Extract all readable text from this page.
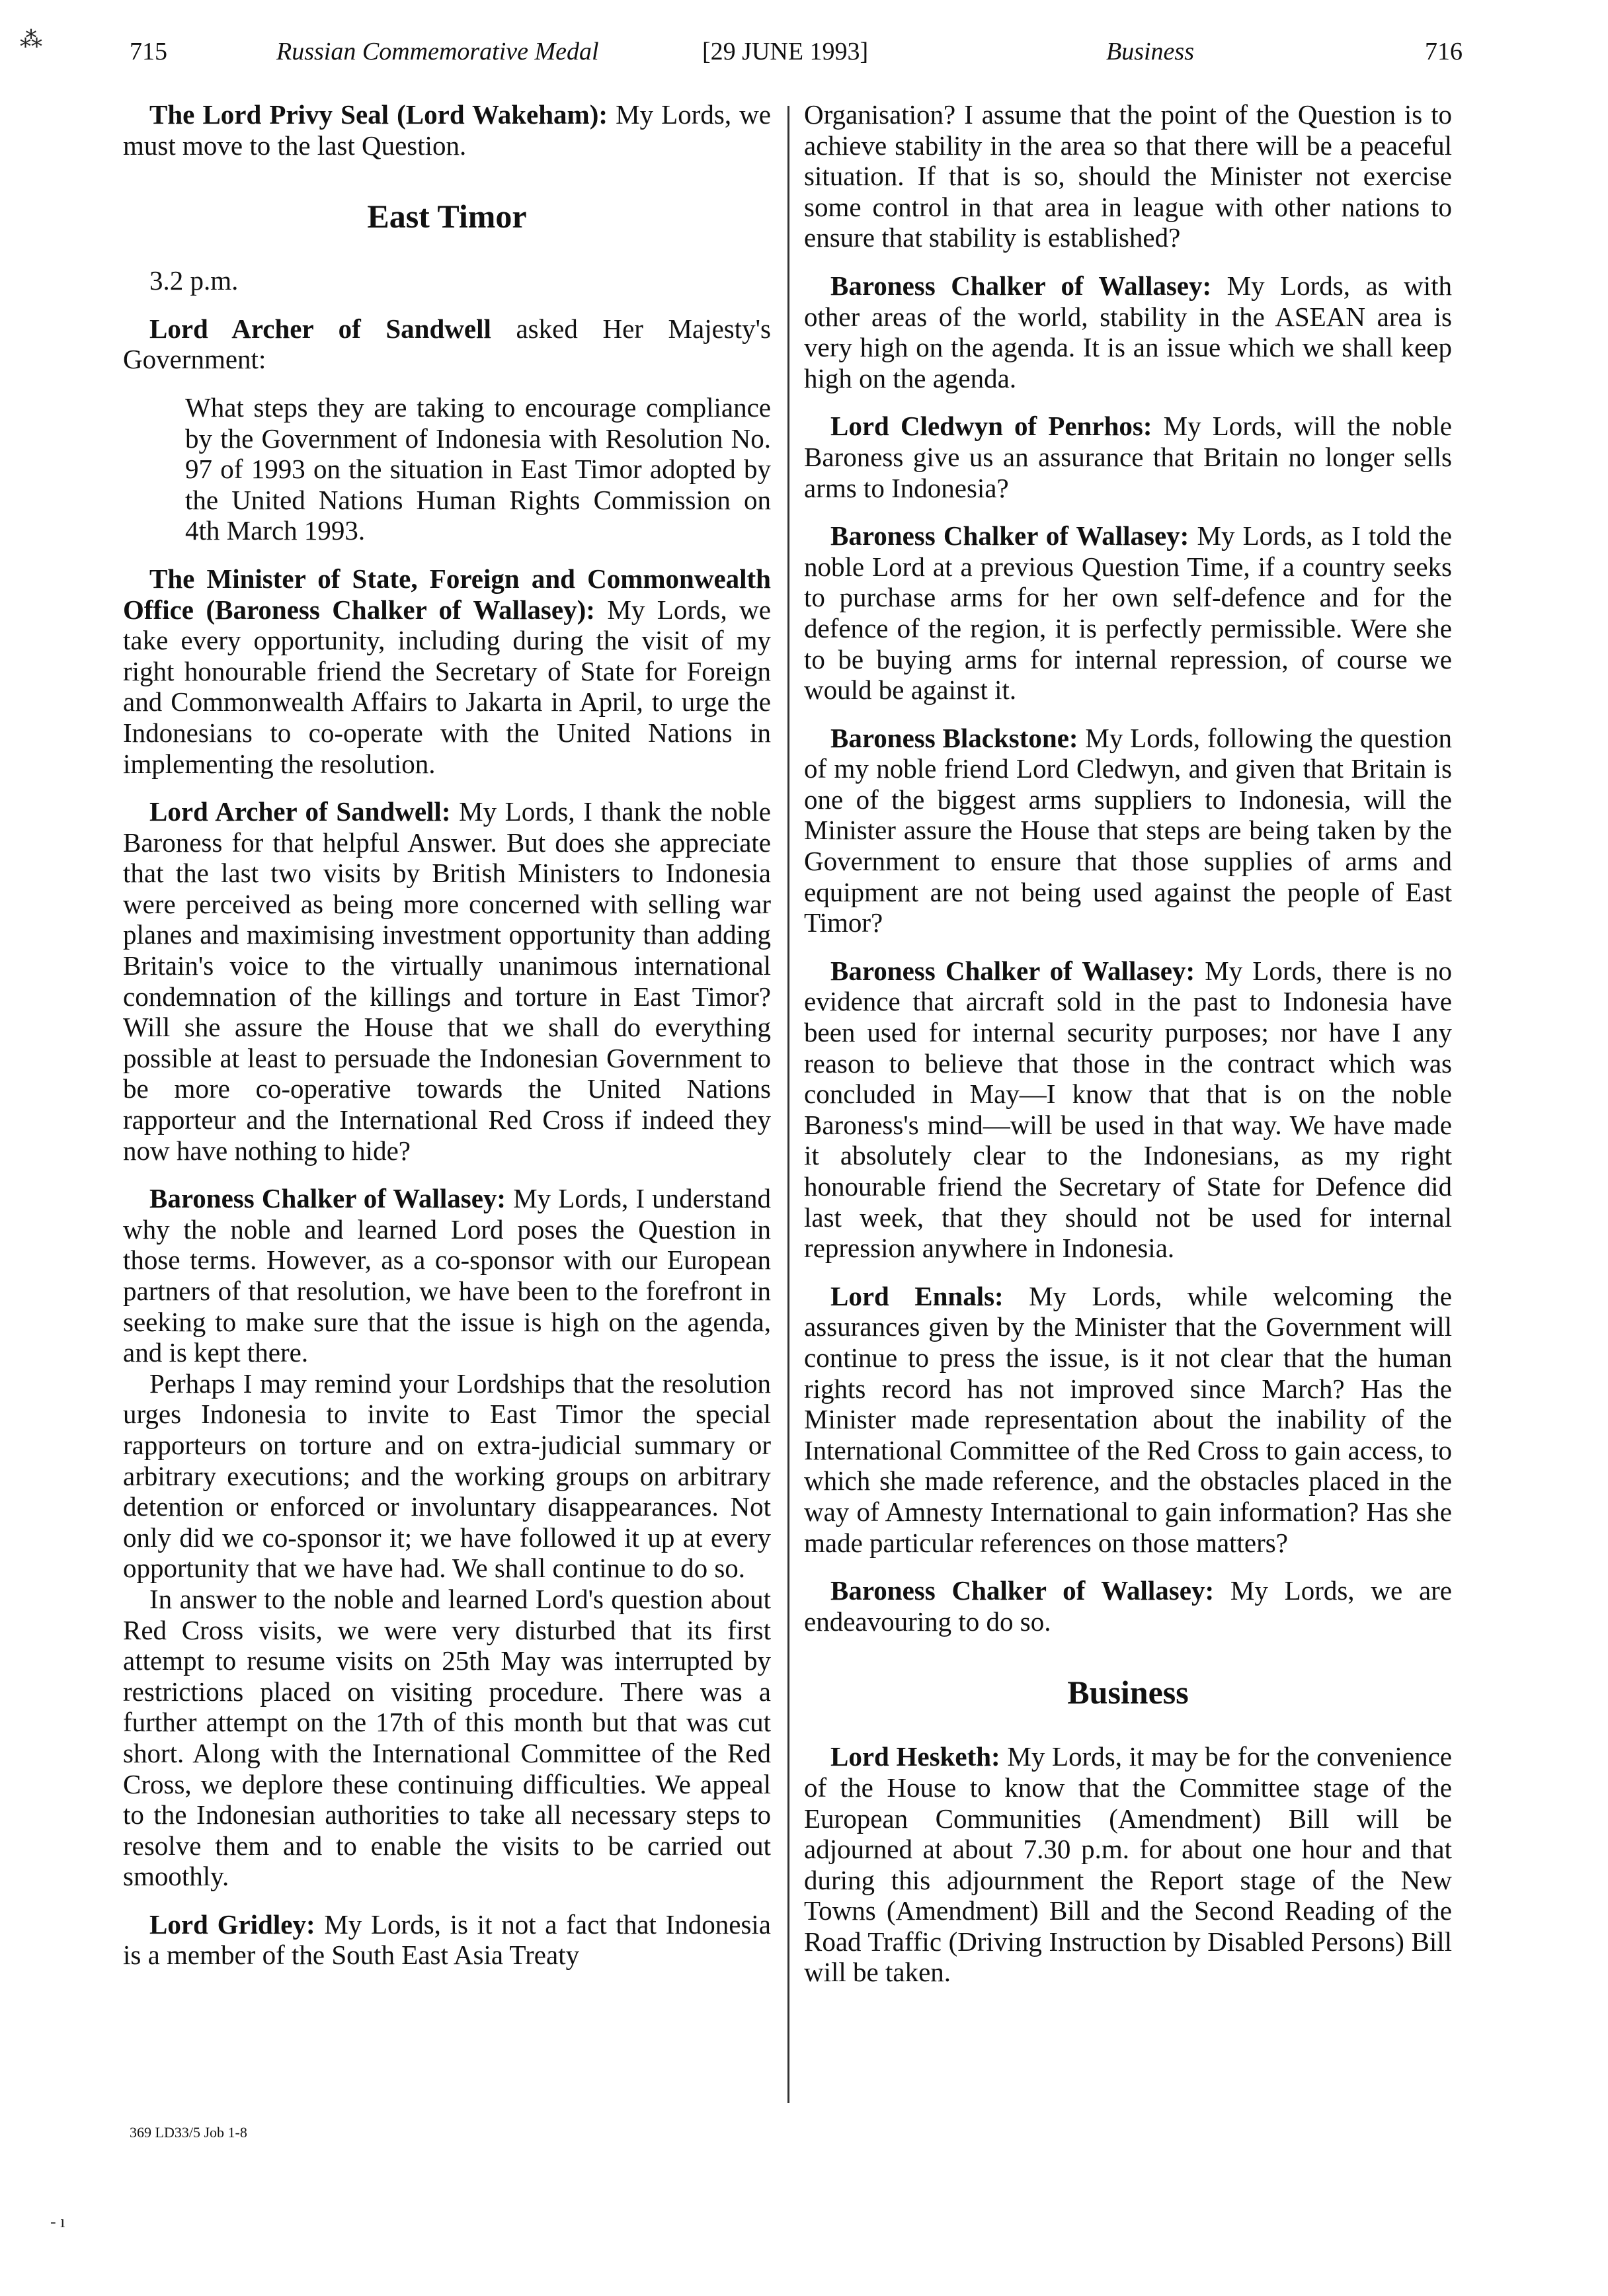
⁂	715	Russian Commemorative Medal	[29 JUNE 1993]	Business	716

The Lord Privy Seal (Lord Wakeham): My Lords, we must move to the last Question.

East Timor

3.2 p.m.

Lord Archer of Sandwell asked Her Majesty's Government:

What steps they are taking to encourage compliance by the Government of Indonesia with Resolution No. 97 of 1993 on the situation in East Timor adopted by the United Nations Human Rights Commission on 4th March 1993.

The Minister of State, Foreign and Commonwealth Office (Baroness Chalker of Wallasey): My Lords, we take every opportunity, including during the visit of my right honourable friend the Secretary of State for Foreign and Commonwealth Affairs to Jakarta in April, to urge the Indonesians to co-operate with the United Nations in implementing the resolution.

Lord Archer of Sandwell: My Lords, I thank the noble Baroness for that helpful Answer. But does she appreciate that the last two visits by British Ministers to Indonesia were perceived as being more concerned with selling war planes and maximising investment opportunity than adding Britain's voice to the virtually unanimous international condemnation of the killings and torture in East Timor? Will she assure the House that we shall do everything possible at least to persuade the Indonesian Government to be more co-operative towards the United Nations rapporteur and the International Red Cross if indeed they now have nothing to hide?

Baroness Chalker of Wallasey: My Lords, I understand why the noble and learned Lord poses the Question in those terms. However, as a co-sponsor with our European partners of that resolution, we have been to the forefront in seeking to make sure that the issue is high on the agenda, and is kept there.

Perhaps I may remind your Lordships that the resolution urges Indonesia to invite to East Timor the special rapporteurs on torture and on extra-judicial summary or arbitrary executions; and the working groups on arbitrary detention or enforced or involuntary disappearances. Not only did we co-sponsor it; we have followed it up at every opportunity that we have had. We shall continue to do so.

In answer to the noble and learned Lord's question about Red Cross visits, we were very disturbed that its first attempt to resume visits on 25th May was interrupted by restrictions placed on visiting procedure. There was a further attempt on the 17th of this month but that was cut short. Along with the International Committee of the Red Cross, we deplore these continuing difficulties. We appeal to the Indonesian authorities to take all necessary steps to resolve them and to enable the visits to be carried out smoothly.

Lord Gridley: My Lords, is it not a fact that Indonesia is a member of the South East Asia Treaty

Organisation? I assume that the point of the Question is to achieve stability in the area so that there will be a peaceful situation. If that is so, should the Minister not exercise some control in that area in league with other nations to ensure that stability is established?

Baroness Chalker of Wallasey: My Lords, as with other areas of the world, stability in the ASEAN area is very high on the agenda. It is an issue which we shall keep high on the agenda.

Lord Cledwyn of Penrhos: My Lords, will the noble Baroness give us an assurance that Britain no longer sells arms to Indonesia?

Baroness Chalker of Wallasey: My Lords, as I told the noble Lord at a previous Question Time, if a country seeks to purchase arms for her own self-defence and for the defence of the region, it is perfectly permissible. Were she to be buying arms for internal repression, of course we would be against it.

Baroness Blackstone: My Lords, following the question of my noble friend Lord Cledwyn, and given that Britain is one of the biggest arms suppliers to Indonesia, will the Minister assure the House that steps are being taken by the Government to ensure that those supplies of arms and equipment are not being used against the people of East Timor?

Baroness Chalker of Wallasey: My Lords, there is no evidence that aircraft sold in the past to Indonesia have been used for internal security purposes; nor have I any reason to believe that those in the contract which was concluded in May—I know that that is on the noble Baroness's mind—will be used in that way. We have made it absolutely clear to the Indonesians, as my right honourable friend the Secretary of State for Defence did last week, that they should not be used for internal repression anywhere in Indonesia.

Lord Ennals: My Lords, while welcoming the assurances given by the Minister that the Government will continue to press the issue, is it not clear that the human rights record has not improved since March? Has the Minister made representation about the inability of the International Committee of the Red Cross to gain access, to which she made reference, and the obstacles placed in the way of Amnesty International to gain information? Has she made particular references on those matters?

Baroness Chalker of Wallasey: My Lords, we are endeavouring to do so.

Business

Lord Hesketh: My Lords, it may be for the convenience of the House to know that the Committee stage of the European Communities (Amendment) Bill will be adjourned at about 7.30 p.m. for about one hour and that during this adjournment the Report stage of the New Towns (Amendment) Bill and the Second Reading of the Road Traffic (Driving Instruction by Disabled Persons) Bill will be taken.

369 LD33/5 Job 1-8
- ı
